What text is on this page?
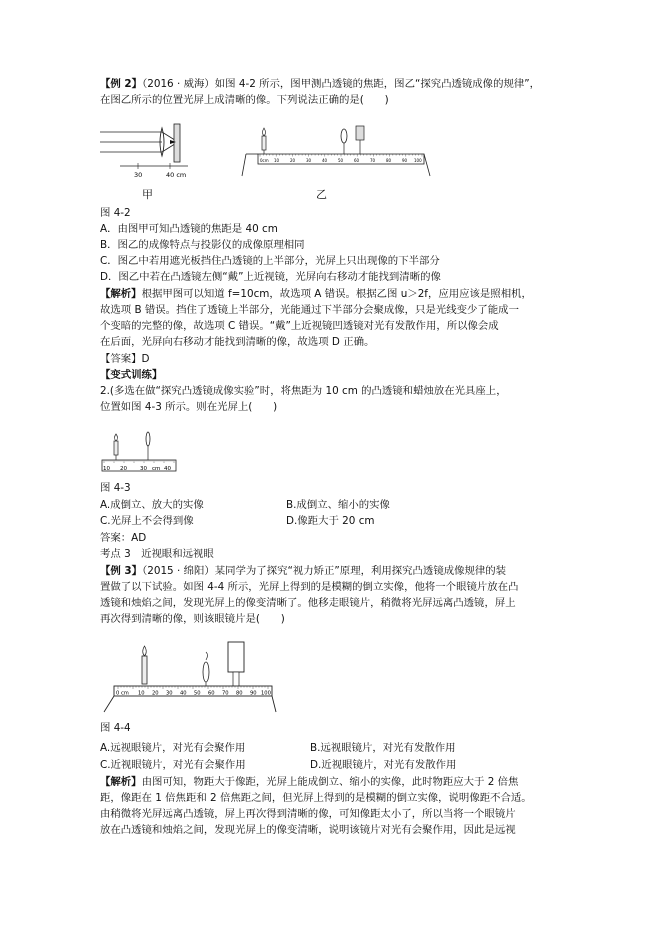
【例 2】（2016 · 威海）如图 4-2 所示，图甲测凸透镜的焦距，图乙“探究凸透镜成像的规律”，
在图乙所示的位置光屏上成清晰的像。下列说法正确的是(　　)
30	40 cm
甲
0cm 10	20	30	40	50	60	70	80	90 100
乙
图 4-2
A．由图甲可知凸透镜的焦距是 40 cm
B．图乙的成像特点与投影仪的成像原理相同
C．图乙中若用遮光板挡住凸透镜的上半部分，光屏上只出现像的下半部分
D．图乙中若在凸透镜左侧“戴”上近视镜，光屏向右移动才能找到清晰的像
【解析】根据甲图可以知道 f=10cm，故选项 A 错误。根据乙图 u＞2f，应用应该是照相机，
故选项 B 错误。挡住了透镜上半部分，光能通过下半部分会聚成像，只是光线变少了能成一
个变暗的完整的像，故选项 C 错误。“戴”上近视镜凹透镜对光有发散作用，所以像会成
在后面，光屏向右移动才能找到清晰的像，故选项 D 正确。
【答案】D
【变式训练】
2.(多选在做“探究凸透镜成像实验”时，将焦距为 10 cm 的凸透镜和蜡烛放在光具座上，
位置如图 4-3 所示。则在光屏上(　　)
10 20 30 cm 40
图 4-3
A.成倒立、放大的实像	B.成倒立、缩小的实像
C.光屏上不会得到像	D.像距大于 20 cm
答案：AD
考点 3　近视眼和远视眼
【例 3】（2015 · 绵阳）某同学为了探究“视力矫正”原理，利用探究凸透镜成像规律的装
置做了以下试验。如图 4-4 所示，光屏上得到的是模糊的倒立实像，他将一个眼镜片放在凸
透镜和烛焰之间，发现光屏上的像变清晰了。他移走眼镜片，稍微将光屏远离凸透镜，屏上
再次得到清晰的像，则该眼镜片是(　　)
0 cm 10 20 30 40 50 60 70 80 90 100
图 4-4
A.远视眼镜片，对光有会聚作用	B.远视眼镜片，对光有发散作用
C.近视眼镜片，对光有会聚作用	D.近视眼镜片，对光有发散作用
【解析】由图可知，物距大于像距，光屏上能成倒立、缩小的实像，此时物距应大于 2 倍焦
距，像距在 1 倍焦距和 2 倍焦距之间，但光屏上得到的是模糊的倒立实像，说明像距不合适。
由稍微将光屏远离凸透镜，屏上再次得到清晰的像，可知像距太小了，所以当将一个眼镜片
放在凸透镜和烛焰之间，发现光屏上的像变清晰，说明该镜片对光有会聚作用，因此是远视
